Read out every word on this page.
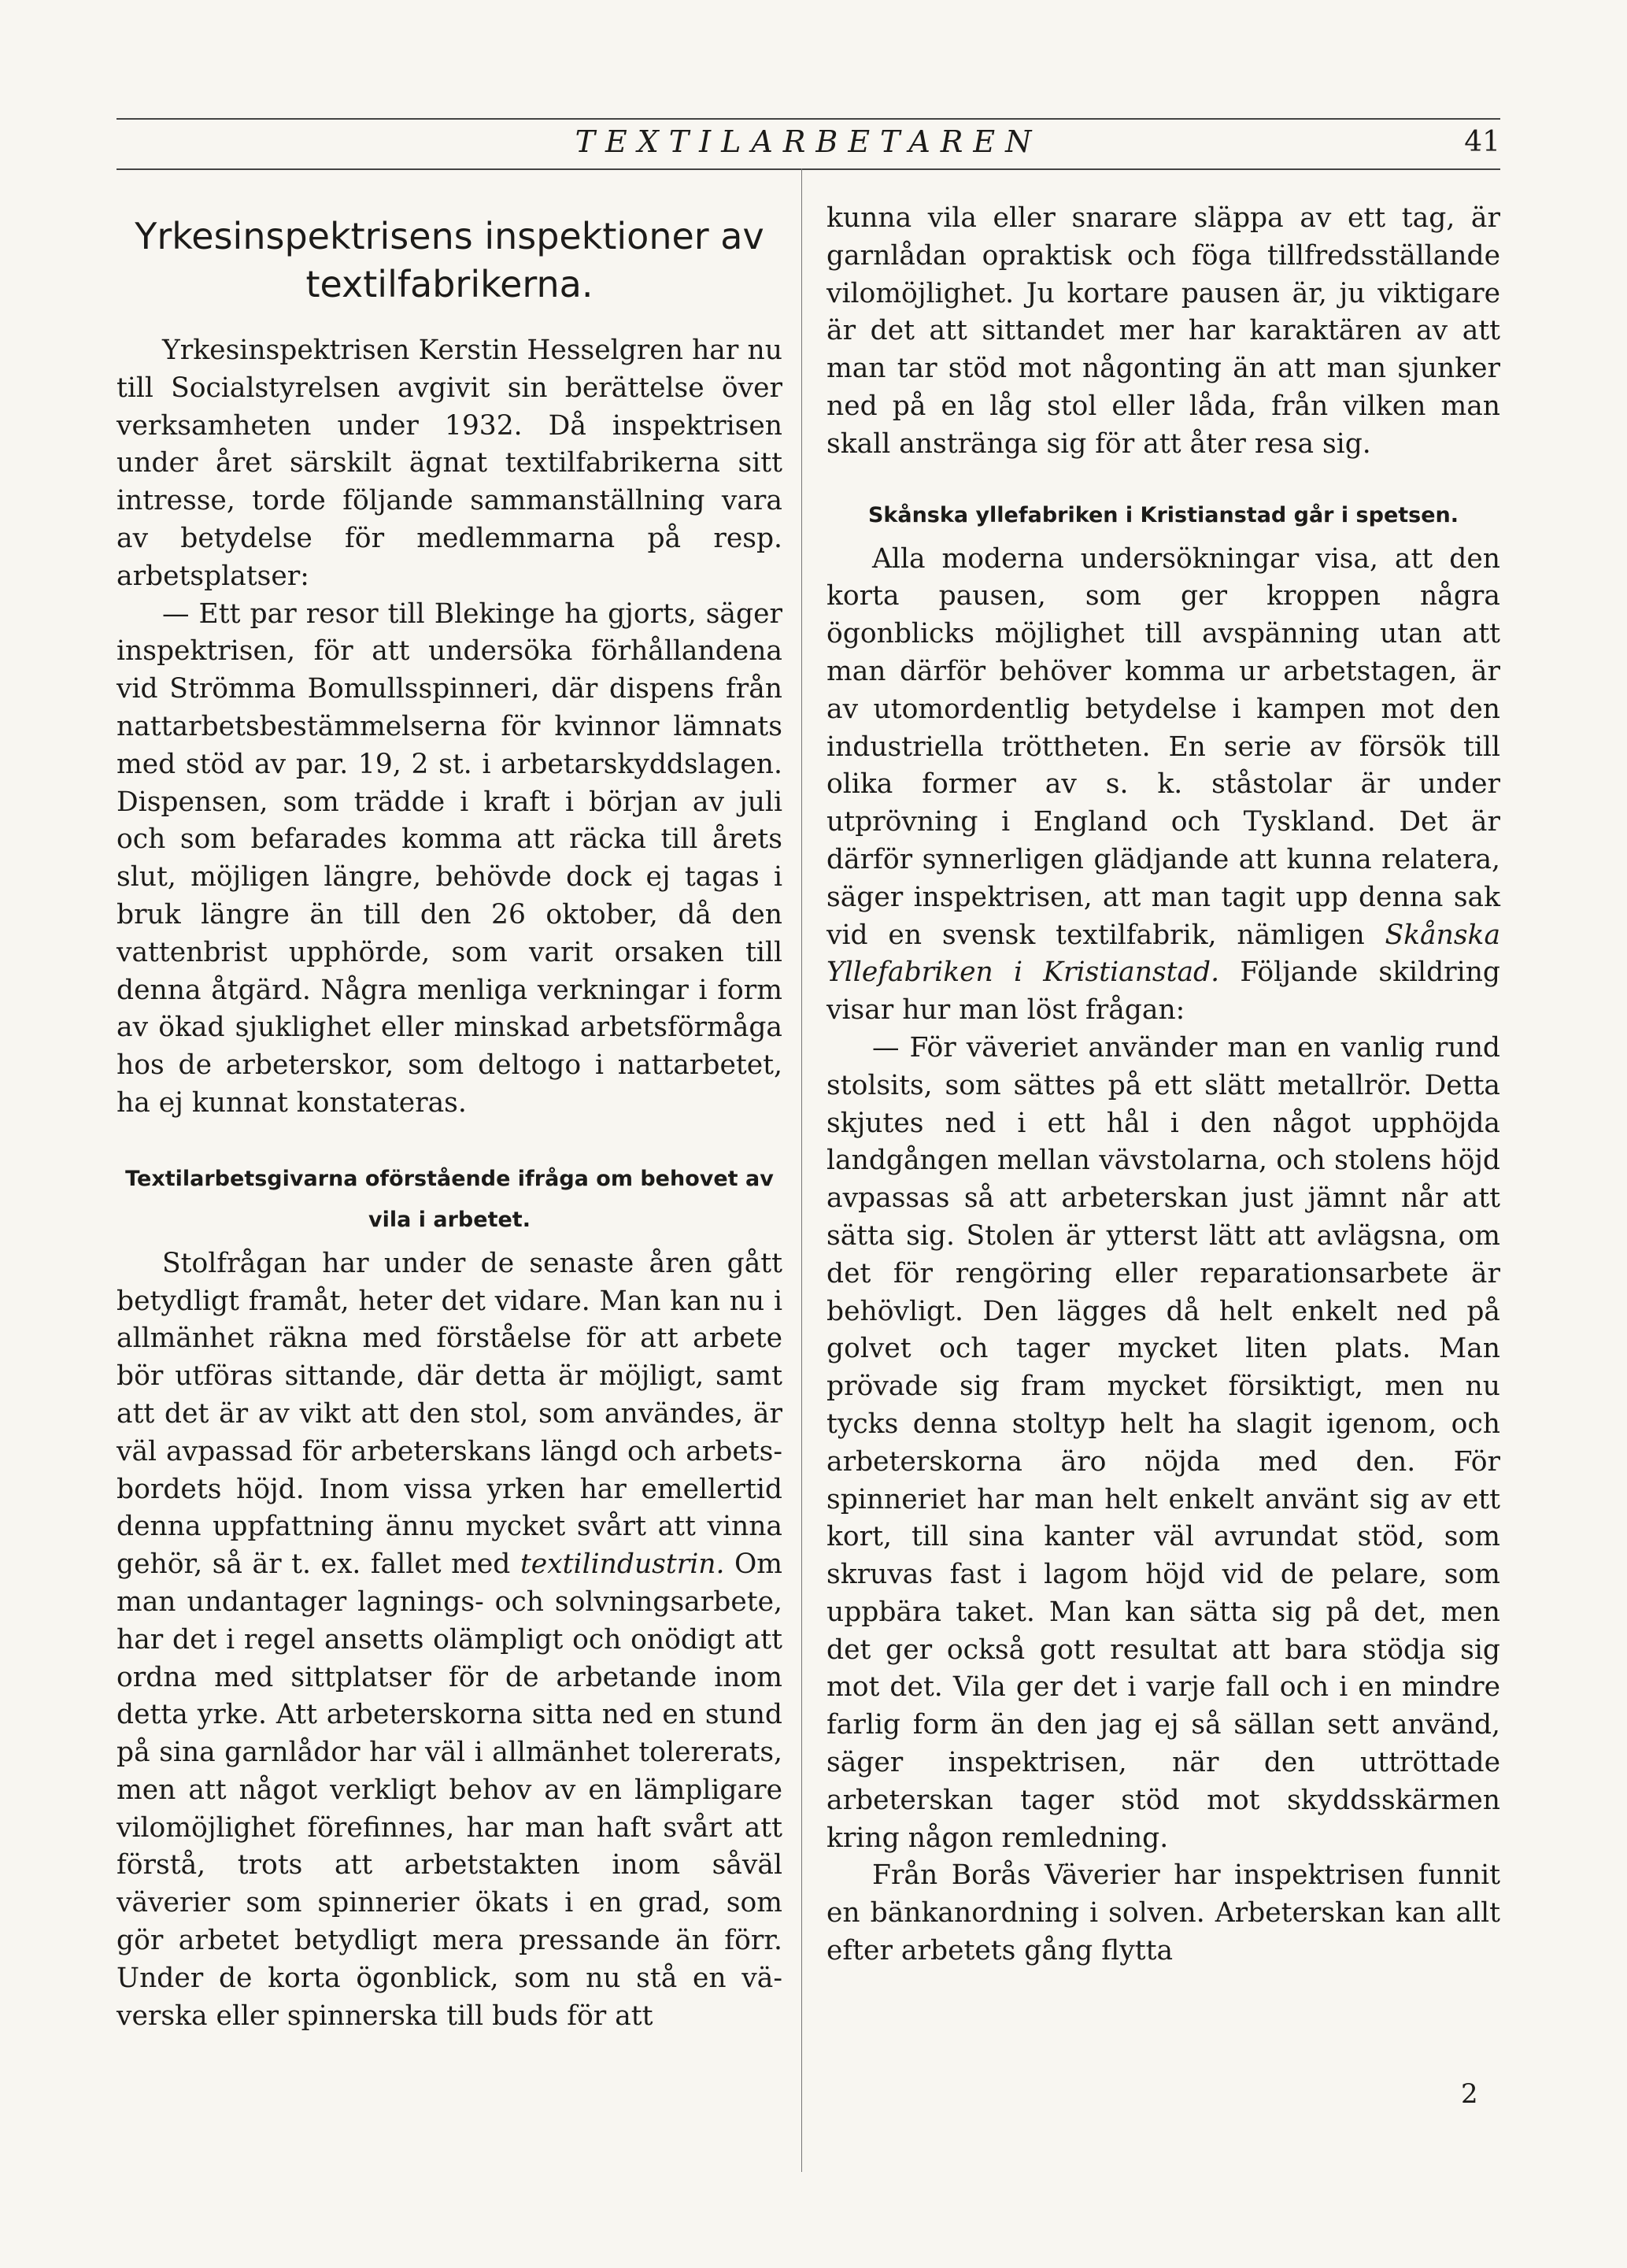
TEXTILARBETAREN	41
Yrkesinspektrisens inspektioner av textilfabrikerna.

Yrkesinspektrisen Kerstin Hesselgren har nu till Socialstyrelsen avgivit sin berättelse över verksamheten under 1932. Då inspektrisen under året särskilt ägnat textilfabrikerna sitt intresse, torde följande sammanställning vara av betydelse för medlemmarna på resp. arbetsplatser:

— Ett par resor till Blekinge ha gjorts, säger inspektrisen, för att undersöka förhållandena vid Strömma Bomullsspinneri, där dispens från nattarbetsbestämmelserna för kvinnor lämnats med stöd av par. 19, 2 st. i arbetarskyddslagen. Dispensen, som trädde i kraft i början av juli och som befarades komma att räcka till årets slut, möjligen längre, behövde dock ej tagas i bruk längre än till den 26 oktober, då den vattenbrist upphörde, som varit orsaken till denna åtgärd. Några menliga verkningar i form av ökad sjuklighet eller minskad arbetsförmåga hos de arbeterskor, som deltogo i nattarbetet, ha ej kunnat konstateras.

Textilarbetsgivarna oförstående ifråga om behovet av vila i arbetet.

Stolfrågan har under de senaste åren gått betydligt framåt, heter det vidare. Man kan nu i allmänhet räkna med förståelse för att arbete bör utföras sittande, där detta är möjligt, samt att det är av vikt att den stol, som användes, är väl avpassad för arbeterskans längd och arbetsbordets höjd. Inom vissa yrken har emellertid denna uppfattning ännu mycket svårt att vinna gehör, så är t. ex. fallet med textilindustrin. Om man undantager lagnings- och solvningsarbete, har det i regel ansetts olämpligt och onödigt att ordna med sittplatser för de arbetande inom detta yrke. Att arbeterskorna sitta ned en stund på sina garnlådor har väl i allmänhet tolererats, men att något verkligt behov av en lämpligare vilomöjlighet förefinnes, har man haft svårt att förstå, trots att arbetstakten inom såväl väverier som spinnerier ökats i en grad, som gör arbetet betydligt mera pressande än förr. Under de korta ögonblick, som nu stå en väverska eller spinnerska till buds för att

kunna vila eller snarare släppa av ett tag, är garnlådan opraktisk och föga tillfredsställande vilomöjlighet. Ju kortare pausen är, ju viktigare är det att sittandet mer har karaktären av att man tar stöd mot någonting än att man sjunker ned på en låg stol eller låda, från vilken man skall anstränga sig för att åter resa sig.

Skånska yllefabriken i Kristianstad går i spetsen.

Alla moderna undersökningar visa, att den korta pausen, som ger kroppen några ögonblicks möjlighet till avspänning utan att man därför behöver komma ur arbetstagen, är av utomordentlig betydelse i kampen mot den industriella tröttheten. En serie av försök till olika former av s. k. ståstolar är under utprövning i England och Tyskland. Det är därför synnerligen glädjande att kunna relatera, säger inspektrisen, att man tagit upp denna sak vid en svensk textilfabrik, nämligen Skånska Yllefabriken i Kristianstad. Följande skildring visar hur man löst frågan:

— För väveriet använder man en vanlig rund stolsits, som sättes på ett slätt metallrör. Detta skjutes ned i ett hål i den något upphöjda landgången mellan vävstolarna, och stolens höjd avpassas så att arbeterskan just jämnt når att sätta sig. Stolen är ytterst lätt att avlägsna, om det för rengöring eller reparationsarbete är behövligt. Den lägges då helt enkelt ned på golvet och tager mycket liten plats. Man prövade sig fram mycket försiktigt, men nu tycks denna stoltyp helt ha slagit igenom, och arbeterskorna äro nöjda med den. För spinneriet har man helt enkelt använt sig av ett kort, till sina kanter väl avrundat stöd, som skruvas fast i lagom höjd vid de pelare, som uppbära taket. Man kan sätta sig på det, men det ger också gott resultat att bara stödja sig mot det. Vila ger det i varje fall och i en mindre farlig form än den jag ej så sällan sett använd, säger inspektrisen, när den uttröttade arbeterskan tager stöd mot skyddsskärmen kring någon remledning.

Från Borås Väverier har inspektrisen funnit en bänkanordning i solven. Arbeterskan kan allt efter arbetets gång flytta

2
